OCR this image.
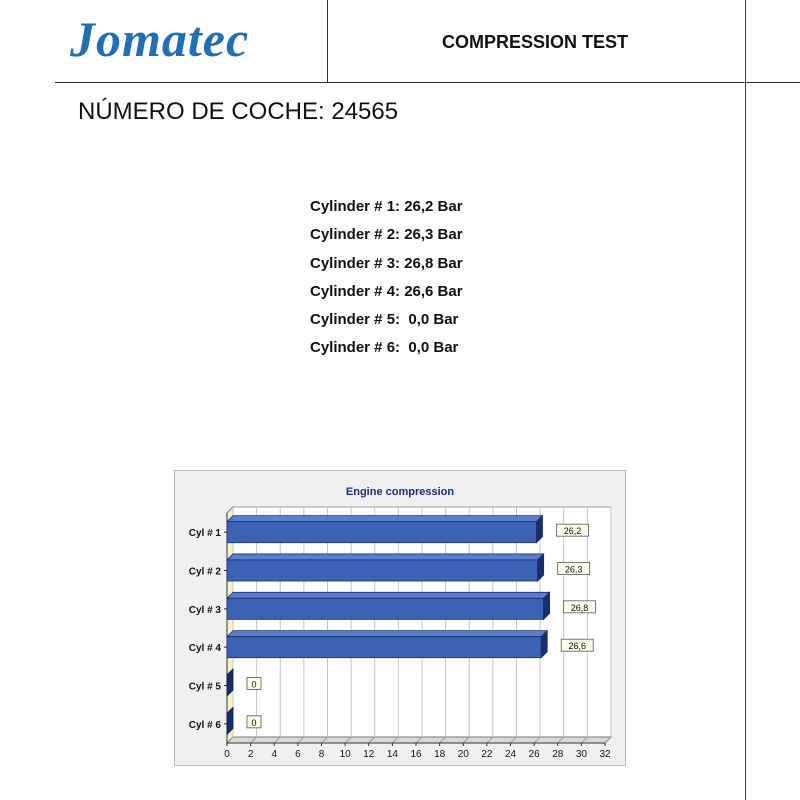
Jomatec	COMPRESSION TEST
NÚMERO DE COCHE: 24565
Cylinder # 1: 26,2 Bar
Cylinder # 2: 26,3 Bar
Cylinder # 3: 26,8 Bar
Cylinder # 4: 26,6 Bar
Cylinder # 5:  0,0 Bar
Cylinder # 6:  0,0 Bar
Engine compression
0 2 4 6 8 10 12 14 16 18 20 22 24 26 28 30 32
Cyl # 1	26,2
Cyl # 2	26,3
Cyl # 3	26,8
Cyl # 4	26,6
Cyl # 5	0
Cyl # 6	0
